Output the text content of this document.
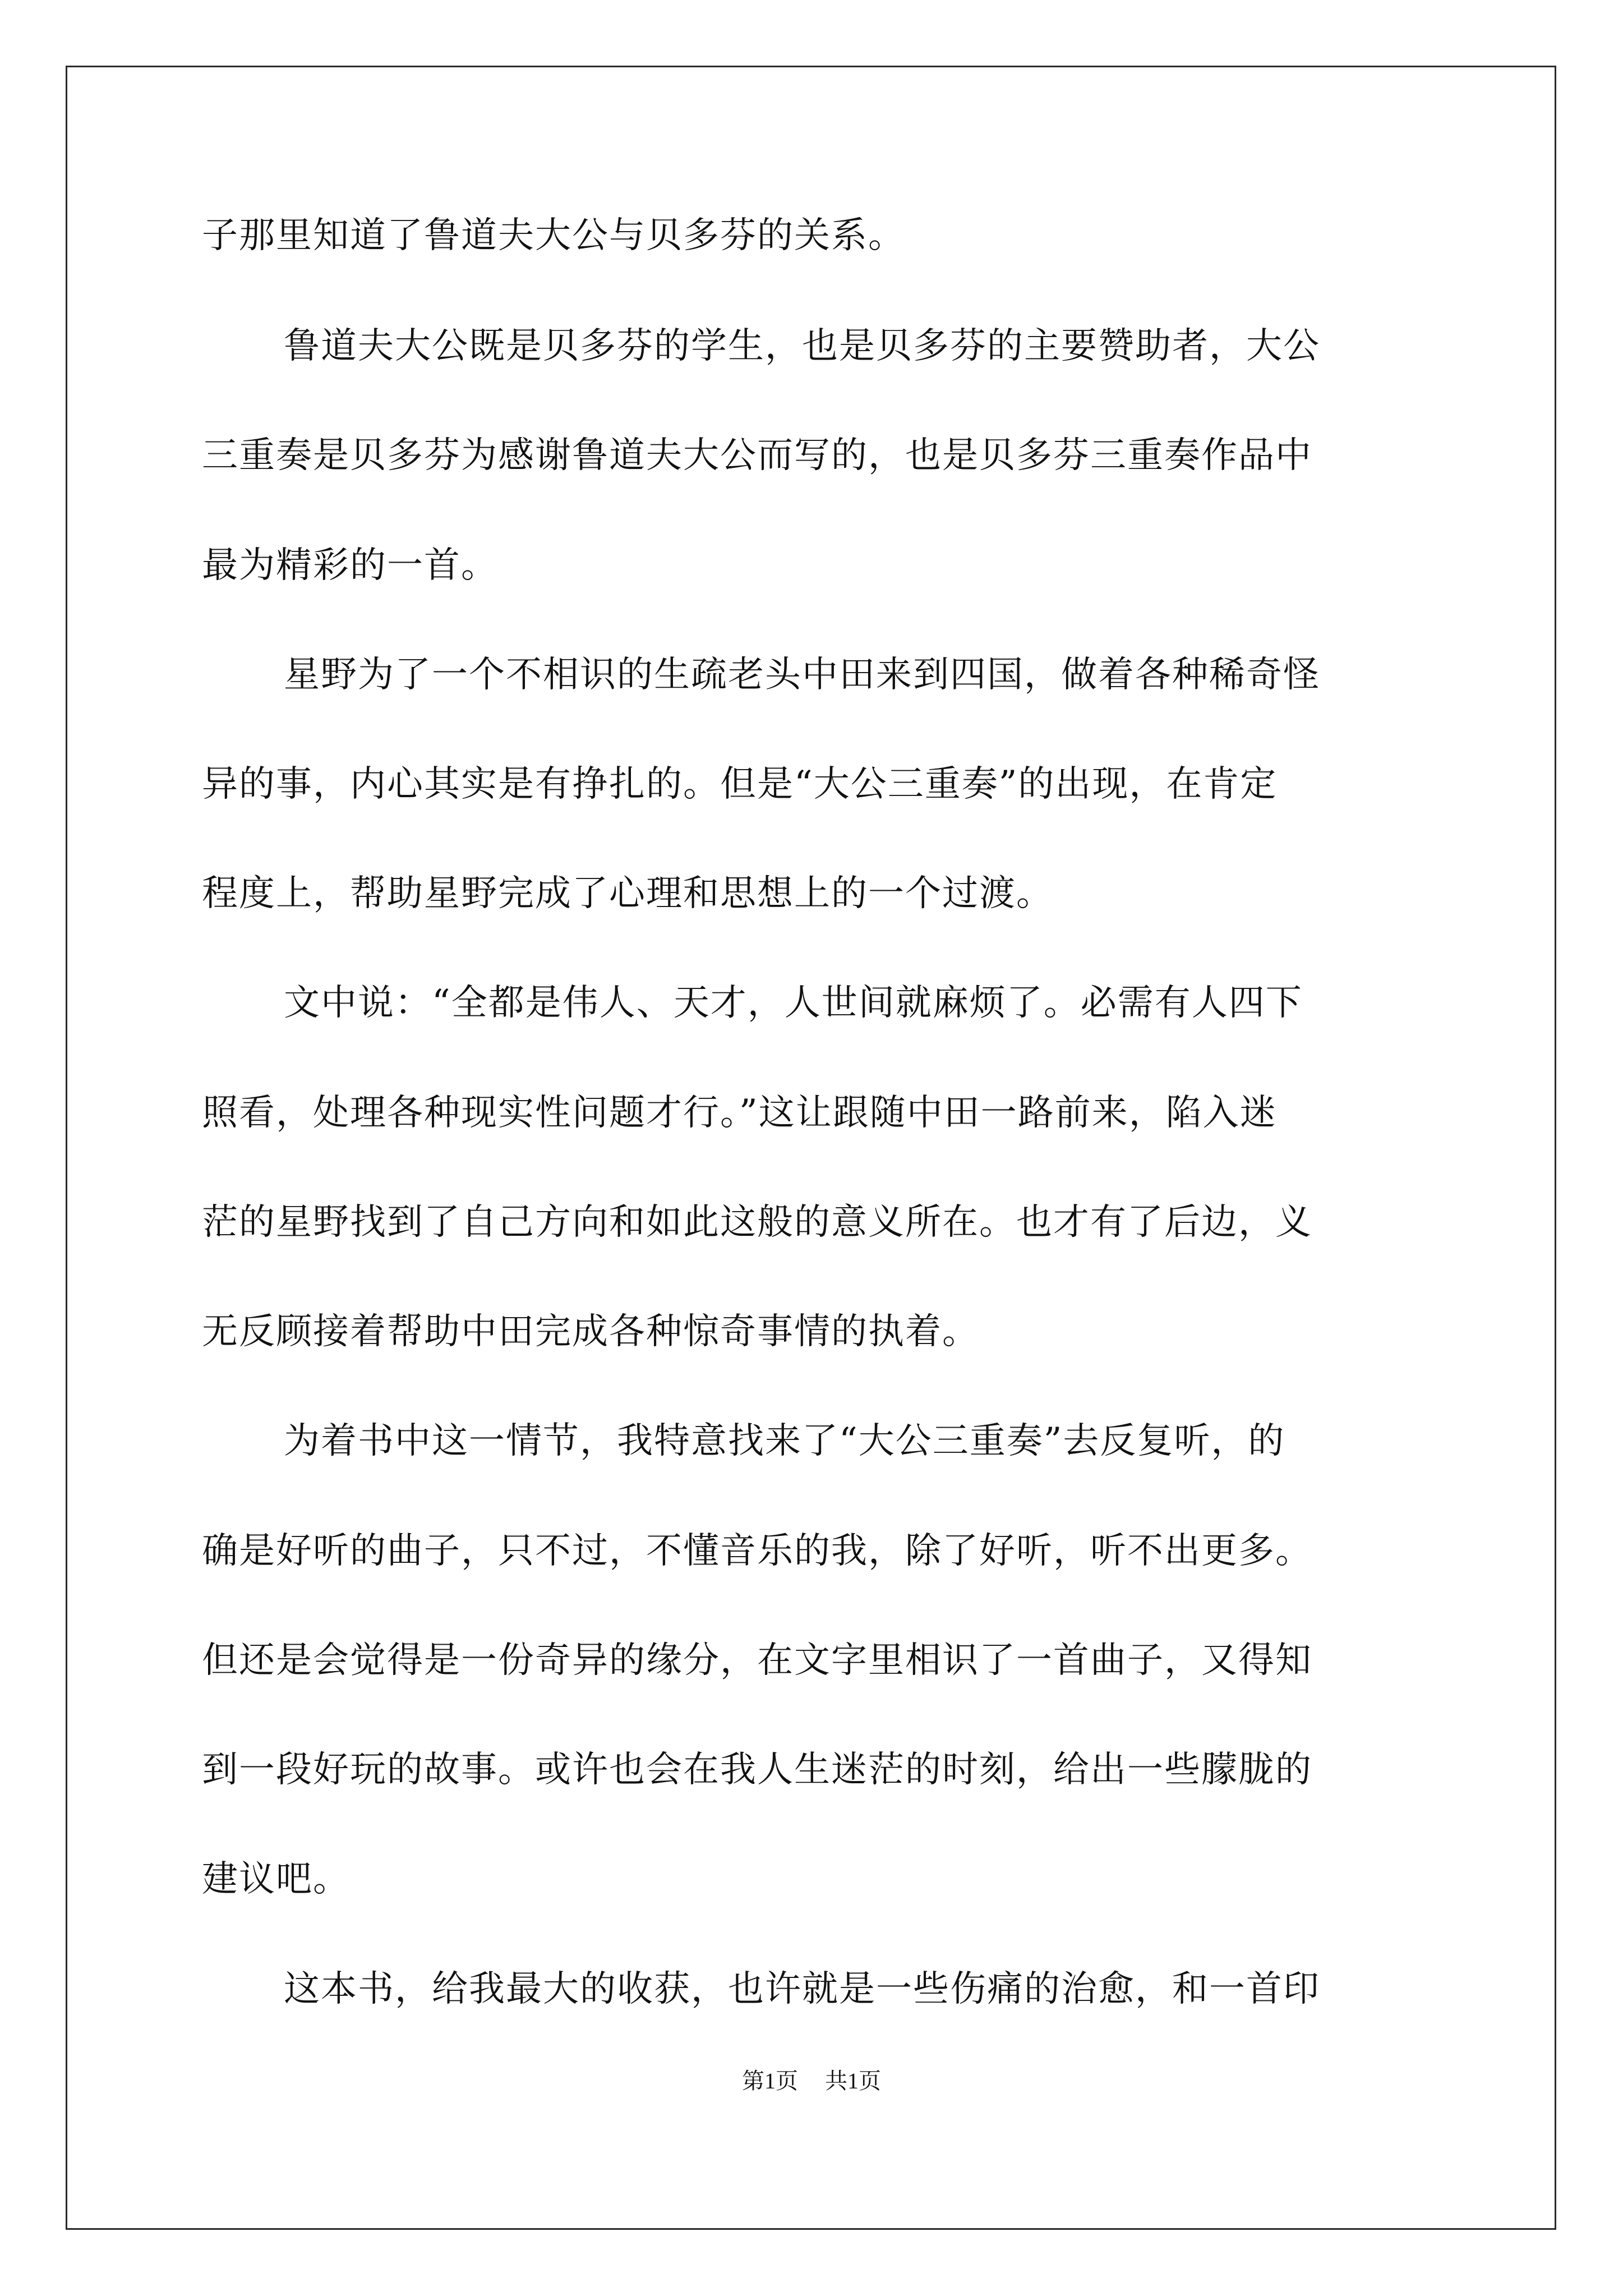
子那里知道了鲁道夫大公与贝多芬的关系。
鲁道夫大公既是贝多芬的学生，也是贝多芬的主要赞助者，大公
三重奏是贝多芬为感谢鲁道夫大公而写的，也是贝多芬三重奏作品中
最为精彩的一首。
星野为了一个不相识的生疏老头中田来到四国，做着各种稀奇怪
异的事，内心其实是有挣扎的。但是“大公三重奏”的出现，在肯定
程度上，帮助星野完成了心理和思想上的一个过渡。
文中说：“全都是伟人、天才，人世间就麻烦了。必需有人四下
照看，处理各种现实性问题才行。”这让跟随中田一路前来，陷入迷
茫的星野找到了自己方向和如此这般的意义所在。也才有了后边，义
无反顾接着帮助中田完成各种惊奇事情的执着。
为着书中这一情节，我特意找来了“大公三重奏”去反复听，的
确是好听的曲子，只不过，不懂音乐的我，除了好听，听不出更多。
但还是会觉得是一份奇异的缘分，在文字里相识了一首曲子，又得知
到一段好玩的故事。或许也会在我人生迷茫的时刻，给出一些朦胧的
建议吧。
这本书，给我最大的收获，也许就是一些伤痛的治愈，和一首印
第1页 共1页
